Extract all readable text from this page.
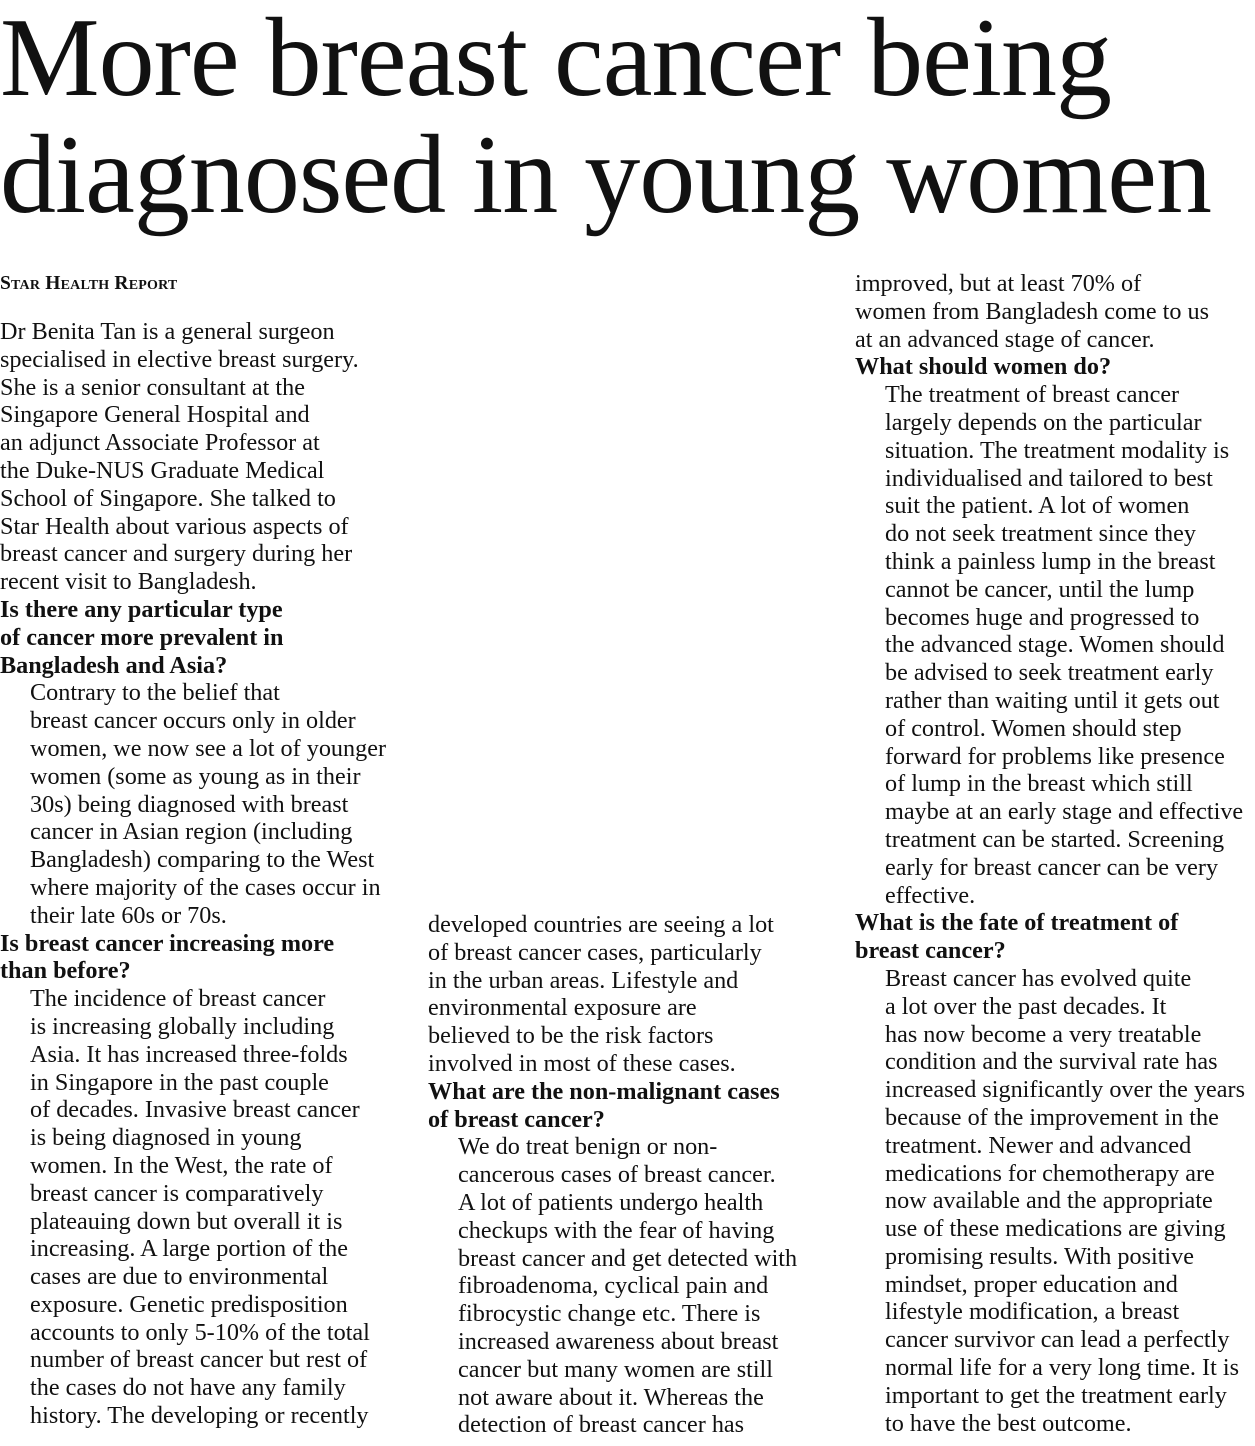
More breast cancer being
diagnosed in young women
Star Health Report

Dr Benita Tan is a general surgeon
specialised in elective breast surgery.
She is a senior consultant at the
Singapore General Hospital and
an adjunct Associate Professor at
the Duke-NUS Graduate Medical
School of Singapore. She talked to
Star Health about various aspects of
breast cancer and surgery during her
recent visit to Bangladesh.

Is there any particular type
of cancer more prevalent in
Bangladesh and Asia?

Contrary to the belief that
breast cancer occurs only in older
women, we now see a lot of younger
women (some as young as in their
30s) being diagnosed with breast
cancer in Asian region (including
Bangladesh) comparing to the West
where majority of the cases occur in
their late 60s or 70s.

Is breast cancer increasing more
than before?

The incidence of breast cancer
is increasing globally including
Asia. It has increased three-folds
in Singapore in the past couple
of decades. Invasive breast cancer
is being diagnosed in young
women. In the West, the rate of
breast cancer is comparatively
plateauing down but overall it is
increasing. A large portion of the
cases are due to environmental
exposure. Genetic predisposition
accounts to only 5-10% of the total
number of breast cancer but rest of
the cases do not have any family
history. The developing or recently

developed countries are seeing a lot
of breast cancer cases, particularly
in the urban areas. Lifestyle and
environmental exposure are
believed to be the risk factors
involved in most of these cases.

What are the non-malignant cases
of breast cancer?

We do treat benign or non-
cancerous cases of breast cancer.
A lot of patients undergo health
checkups with the fear of having
breast cancer and get detected with
fibroadenoma, cyclical pain and
fibrocystic change etc. There is
increased awareness about breast
cancer but many women are still
not aware about it. Whereas the
detection of breast cancer has

improved, but at least 70% of
women from Bangladesh come to us
at an advanced stage of cancer.

What should women do?

The treatment of breast cancer
largely depends on the particular
situation. The treatment modality is
individualised and tailored to best
suit the patient. A lot of women
do not seek treatment since they
think a painless lump in the breast
cannot be cancer, until the lump
becomes huge and progressed to
the advanced stage. Women should
be advised to seek treatment early
rather than waiting until it gets out
of control. Women should step
forward for problems like presence
of lump in the breast which still
maybe at an early stage and effective
treatment can be started. Screening
early for breast cancer can be very
effective.

What is the fate of treatment of
breast cancer?

Breast cancer has evolved quite
a lot over the past decades. It
has now become a very treatable
condition and the survival rate has
increased significantly over the years
because of the improvement in the
treatment. Newer and advanced
medications for chemotherapy are
now available and the appropriate
use of these medications are giving
promising results. With positive
mindset, proper education and
lifestyle modification, a breast
cancer survivor can lead a perfectly
normal life for a very long time. It is
important to get the treatment early
to have the best outcome.
